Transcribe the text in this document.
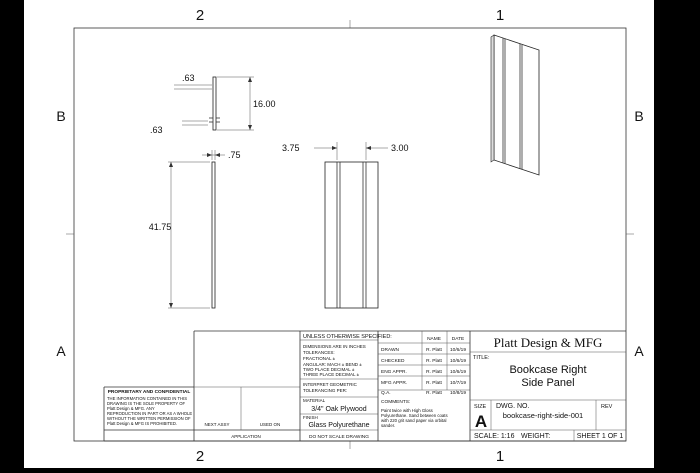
2	1
2	1
B
A
B
A
.63
.63
16.00
.75
41.75
3.75	3.00
UNLESS OTHERWISE SPECIFIED:
DIMENSIONS ARE IN INCHES
TOLERANCES:
FRACTIONAL ±
ANGULAR: MACH ± BEND ±
TWO PLACE DECIMAL ±
THREE PLACE DECIMAL ±
INTERPRET GEOMETRIC
TOLERANCING PER:
MATERIAL
3/4" Oak Plywood
FINISH
Glass Polyurethane
DO NOT SCALE DRAWING
NEXT ASSY	USED ON
APPLICATION
NAME DATE
DRAWN	R. Platt 10/6/19
CHECKED	R. Platt 10/6/19
ENG APPR.	R. Platt 10/6/19
MFG APPR.	R. Platt 10/7/19
Q.A.	R. Platt 10/8/19
COMMENTS:
Paint twice with High Gloss
Polyurethane. Sand between coats
with 220 grit sand paper via orbital
sander.
Platt Design & MFG
TITLE:
Bookcase Right
Side Panel
SIZE
A
DWG. NO.
bookcase-right-side-001
REV
SCALE: 1:16 WEIGHT:	SHEET 1 OF 1
PROPRIETARY AND CONFIDENTIAL
THE INFORMATION CONTAINED IN THIS
DRAWING IS THE SOLE PROPERTY OF
Platt Design & MFG. ANY
REPRODUCTION IN PART OR AS A WHOLE
WITHOUT THE WRITTEN PERMISSION OF
Platt Design & MFG IS PROHIBITED.
